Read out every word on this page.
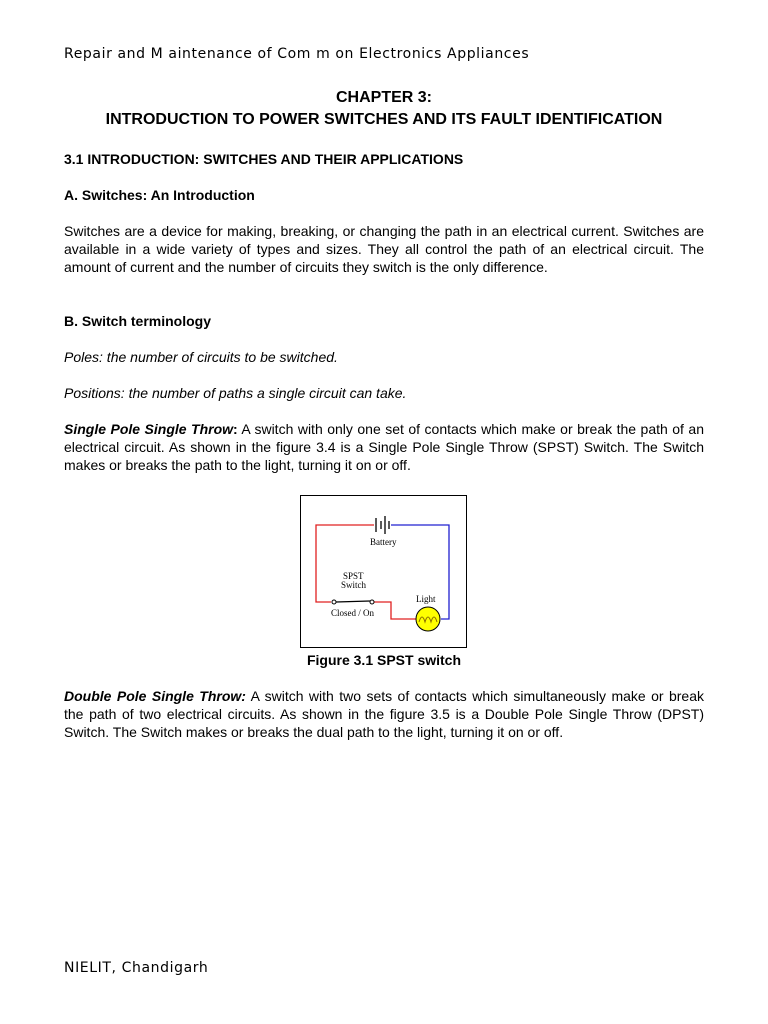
Repair and M aintenance of Com m on Electronics Appliances
CHAPTER 3:
INTRODUCTION TO POWER SWITCHES AND ITS FAULT IDENTIFICATION
3.1 INTRODUCTION: SWITCHES AND THEIR APPLICATIONS
A. Switches: An Introduction
Switches are a device for making, breaking, or changing the path in an electrical current. Switches are available in a wide variety of types and sizes. They all control the path of an electrical circuit. The amount of current and the number of circuits they switch is the only difference.
B. Switch terminology
Poles: the number of circuits to be switched.
Positions: the number of paths a single circuit can take.
Single Pole Single Throw: A switch with only one set of contacts which make or break the path of an electrical circuit. As shown in the figure 3.4 is a Single Pole Single Throw (SPST) Switch. The Switch makes or breaks the path to the light, turning it on or off.
Battery
SPST
Switch
Closed / On
Light
Figure 3.1 SPST switch
Double Pole Single Throw: A switch with two sets of contacts which simultaneously make or break the path of two electrical circuits. As shown in the figure 3.5 is a Double Pole Single Throw (DPST) Switch. The Switch makes or breaks the dual path to the light, turning it on or off.
NIELIT, Chandigarh
